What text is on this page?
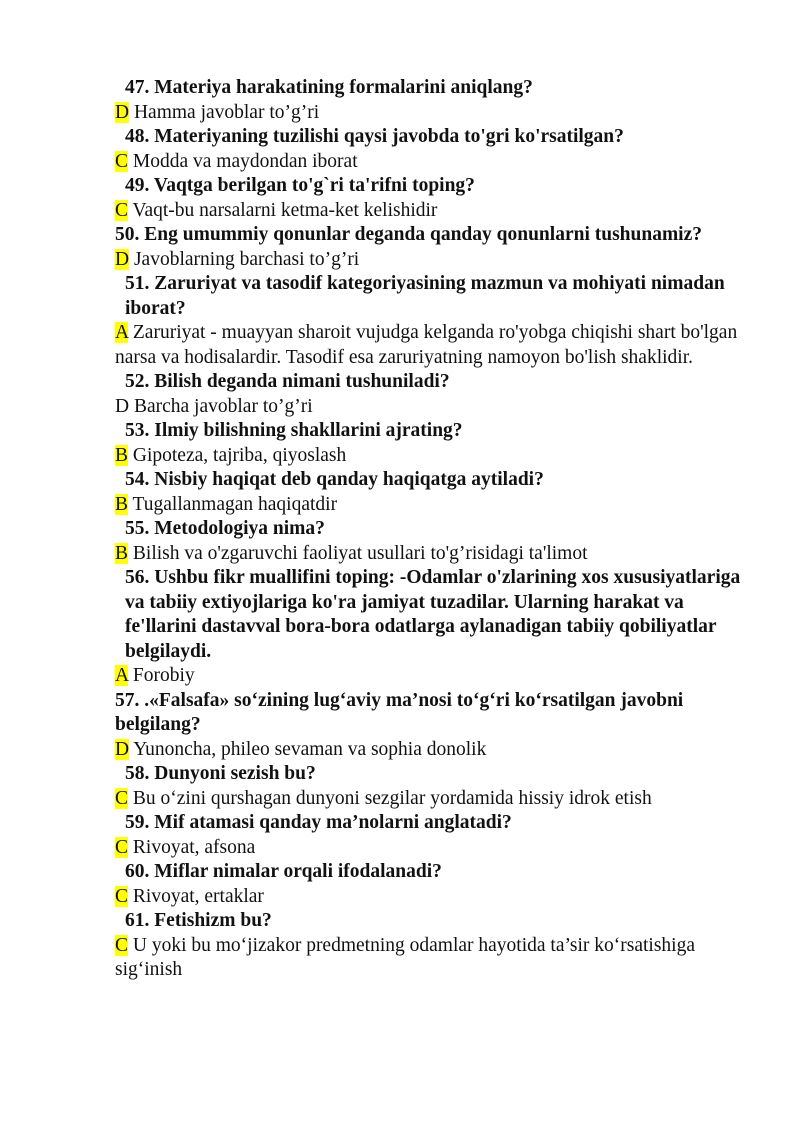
47. Materiya harakatining formalarini aniqlang?
D Hamma javoblar to’g’ri
48. Materiyaning tuzilishi qaysi javobda to'gri ko'rsatilgan?
C Modda va maydondan iborat
49. Vaqtga berilgan to'g`ri ta'rifni toping?
C Vaqt-bu narsalarni ketma-ket kelishidir
50. Eng umummiy qonunlar deganda qanday qonunlarni tushunamiz?
D Javoblarning barchasi to’g’ri
51. Zaruriyat va tasodif kategoriyasining mazmun va mohiyati nimadan iborat?
A Zaruriyat - muayyan sharoit vujudga kelganda ro'yobga chiqishi shart bo'lgan narsa va hodisalardir. Tasodif esa zaruriyatning namoyon bo'lish shaklidir.
52. Bilish deganda nimani tushuniladi?
D Barcha javoblar to’g’ri
53. Ilmiy bilishning shakllarini ajrating?
B Gipoteza, tajriba, qiyoslash
54. Nisbiy haqiqat deb qanday haqiqatga aytiladi?
B Tugallanmagan haqiqatdir
55. Metodologiya nima?
B Bilish va o'zgaruvchi faoliyat usullari to'g’risidagi ta'limot
56. Ushbu fikr muallifini toping: -Odamlar o'zlarining xos xususiyatlariga va tabiiy extiyojlariga ko'ra jamiyat tuzadilar. Ularning harakat va fe'llarini dastavval bora-bora odatlarga aylanadigan tabiiy qobiliyatlar belgilaydi.
A Forobiy
57. .«Falsafa» so‘zining lug‘aviy ma’nosi to‘g‘ri ko‘rsatilgan javobni belgilang?
D Yunoncha, phileo sevaman va sophia donolik
58. Dunyoni sezish bu?
C Bu o‘zini qurshagan dunyoni sezgilar yordamida hissiy idrok etish
59. Mif atamasi qanday ma’nolarni anglatadi?
C Rivoyat, afsona
60. Miflar nimalar orqali ifodalanadi?
C Rivoyat, ertaklar
61. Fetishizm bu?
C U yoki bu mo‘jizakor predmetning odamlar hayotida ta’sir ko‘rsatishiga sig‘inish
